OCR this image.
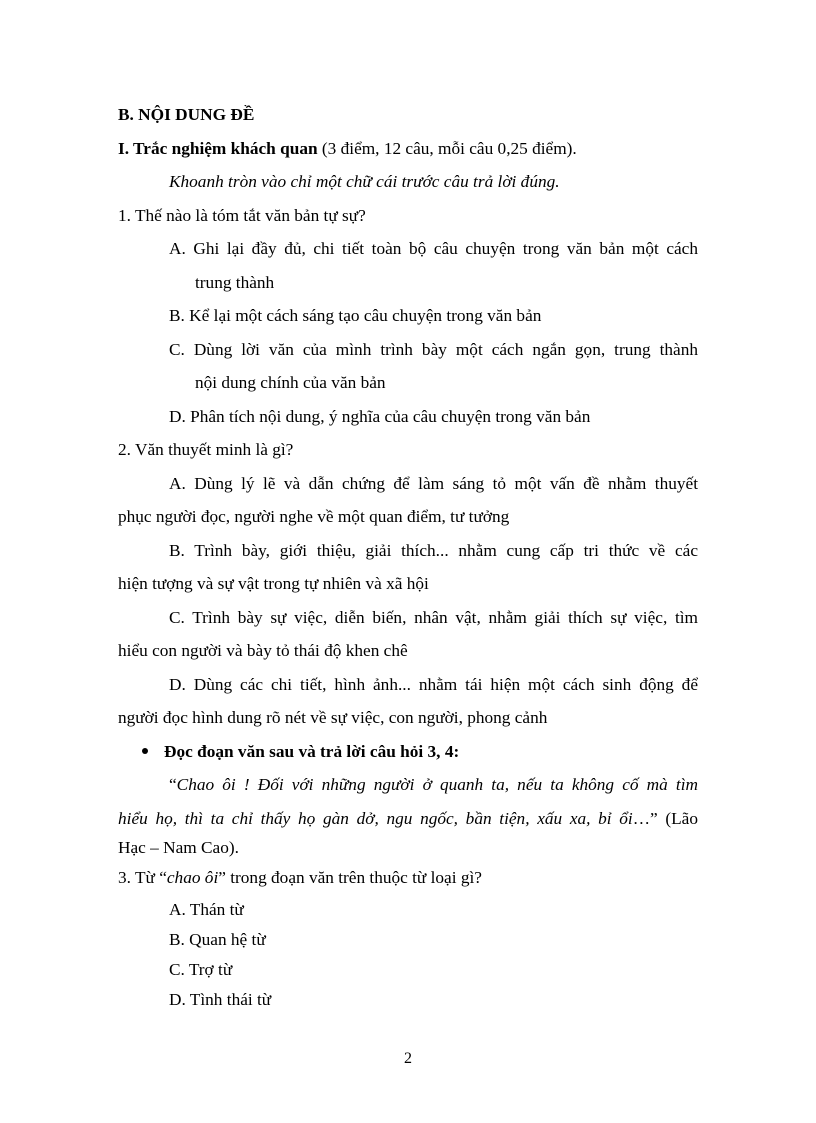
B. NỘI DUNG ĐỀ
I. Trắc nghiệm khách quan (3 điểm, 12 câu, mỗi câu 0,25 điểm).
Khoanh tròn vào chỉ một chữ cái trước câu trả lời đúng.
1. Thế nào là tóm tắt văn bản tự sự?
A. Ghi lại đầy đủ, chi tiết toàn bộ câu chuyện trong văn bản một cách
trung thành
B. Kể lại một cách sáng tạo câu chuyện trong văn bản
C. Dùng lời văn của mình trình bày một cách ngắn gọn, trung thành
nội dung chính của văn bản
D. Phân tích nội dung, ý nghĩa của câu chuyện trong văn bản
2. Văn thuyết minh là gì?
A. Dùng lý lẽ và dẫn chứng để làm sáng tỏ một vấn đề nhằm thuyết
phục người đọc, người nghe về một quan điểm, tư tưởng
B. Trình bày, giới thiệu, giải thích... nhằm cung cấp tri thức về các
hiện tượng và sự vật trong tự nhiên và xã hội
C. Trình bày sự việc, diễn biến, nhân vật, nhằm giải thích sự việc, tìm
hiểu con người và bày tỏ thái độ khen chê
D. Dùng các chi tiết, hình ảnh... nhằm tái hiện một cách sinh động để
người đọc hình dung rõ nét về sự việc, con người, phong cảnh
Đọc đoạn văn sau và trả lời câu hỏi 3, 4:
“Chao ôi ! Đối với những người ở quanh ta, nếu ta không cố mà tìm
hiểu họ, thì ta chỉ thấy họ gàn dở, ngu ngốc, bần tiện, xấu xa, bỉ ổi…” (Lão
Hạc – Nam Cao).
3. Từ “chao ôi” trong đoạn văn trên thuộc từ loại gì?
A. Thán từ
B. Quan hệ từ
C. Trợ từ
D. Tình thái từ
2
